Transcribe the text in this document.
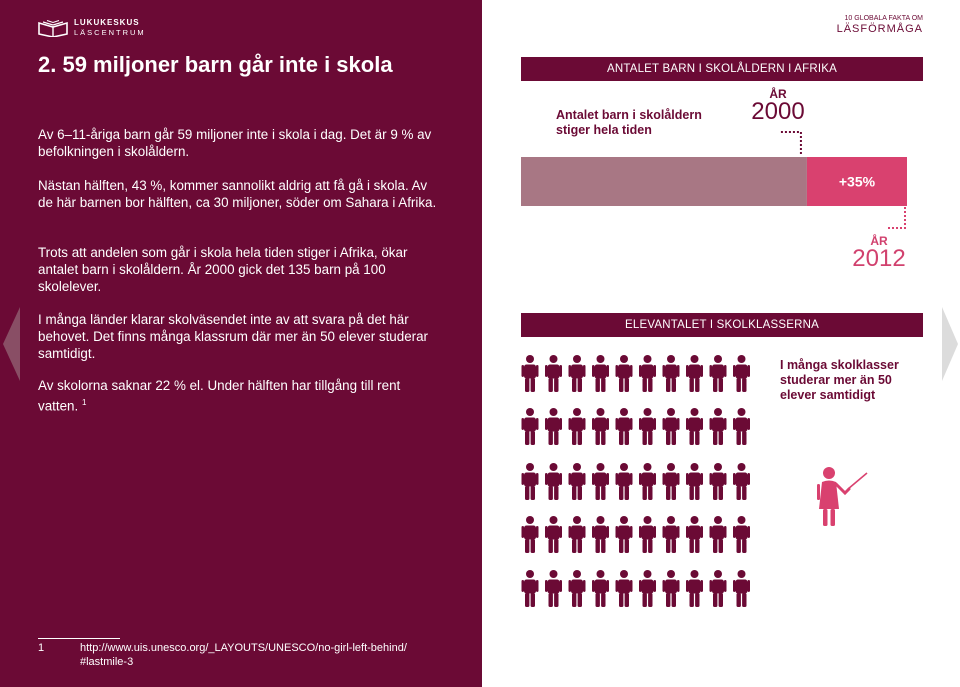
LUKUKESKUS
LÄSCENTRUM
2. 59 miljoner barn går inte i skola

Av 6–11-åriga barn går 59 miljoner inte i skola i dag. Det är 9 % av befolkningen i skolåldern.

Nästan hälften, 43 %, kommer sannolikt aldrig att få gå i skola. Av de här barnen bor hälften, ca 30 miljoner, söder om Sahara i Afrika.

Trots att andelen som går i skola hela tiden stiger i Afrika, ökar antalet barn i skolåldern. År 2000 gick det 135 barn på 100 skolelever.

I många länder klarar skolväsendet inte av att svara på det här behovet. Det finns många klassrum där mer än 50 elever studerar samtidigt.

Av skolorna saknar 22 % el. Under hälften har tillgång till rent vatten. $^1$

1	http://www.uis.unesco.org/_LAYOUTS/UNESCO/no-girl-left-behind/
#lastmile-3
10 GLOBALA FAKTA OM
LÄSFÖRMÅGA
ANTALET BARN I SKOLÅLDERN I AFRIKA
Antalet barn i skolåldern stiger hela tiden
ÅR
2000
ÅR
2012
+35%
ELEVANTALET I SKOLKLASSERNA
I många skolklasser studerar mer än 50 elever samtidigt
